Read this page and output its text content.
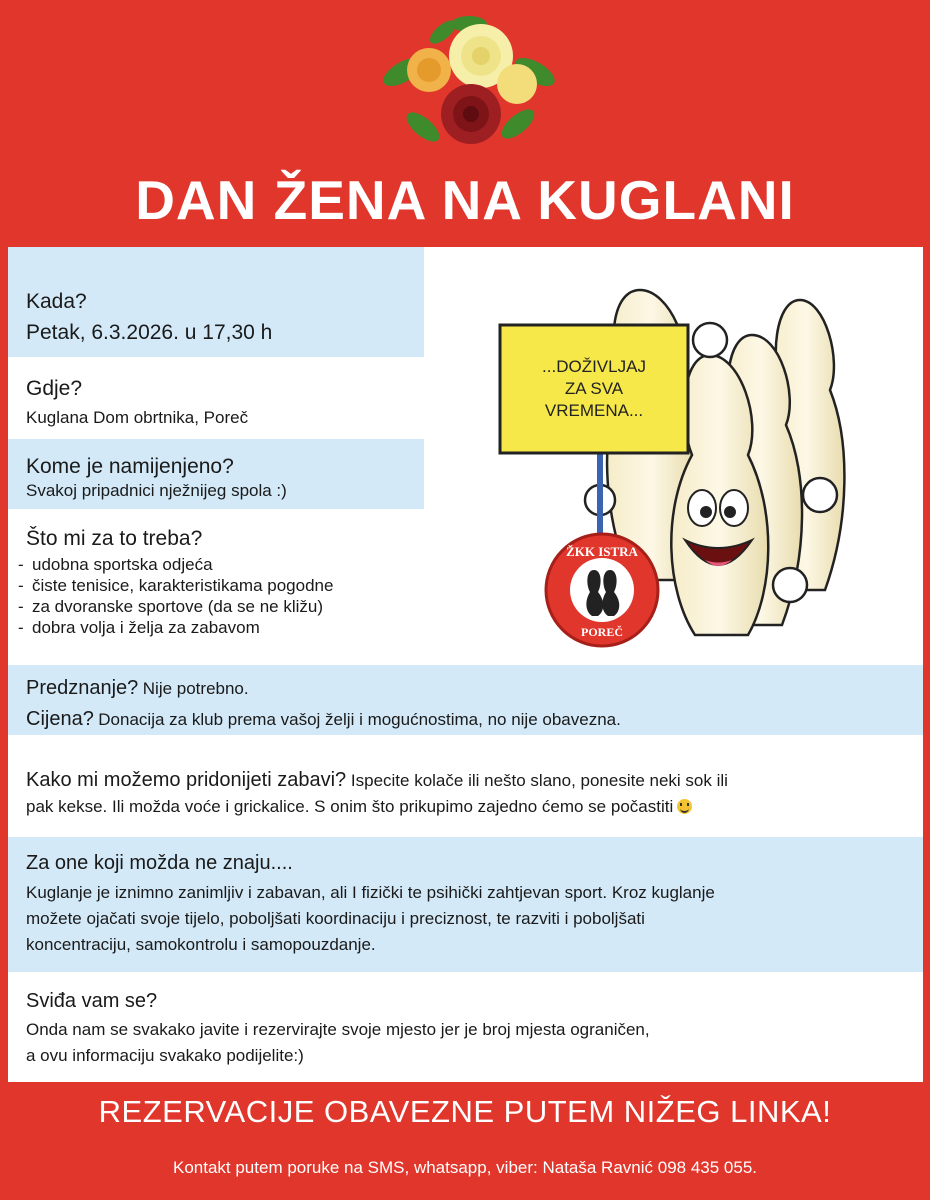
DAN ŽENA NA KUGLANI

Kada?

Petak, 6.3.2026. u 17,30 h

Gdje?

Kuglana Dom obrtnika, Poreč

Kome je namijenjeno?

Svakoj pripadnici nježnijeg spola :)

Što mi za to treba?

- udobna sportska odjeća
- čiste tenisice, karakteristikama pogodne
- za dvoranske sportove (da se ne kližu)
- dobra volja i želja za zabavom
...DOŽIVLJAJ
ZA SVA
VREMENA...
ŽKK ISTRA
POREČ

Predznanje? Nije potrebno.

Cijena? Donacija za klub prema vašoj želji i mogućnostima, no nije obavezna.

Kako mi možemo pridonijeti zabavi? Ispecite kolače ili nešto slano, ponesite neki sok ili
pak kekse. Ili možda voće i grickalice. S onim što prikupimo zajedno ćemo se počastiti

Za one koji možda ne znaju....

Kuglanje je iznimno zanimljiv i zabavan, ali I fizički te psihički zahtjevan sport. Kroz kuglanje
možete ojačati svoje tijelo, poboljšati koordinaciju i preciznost, te razviti i poboljšati
koncentraciju, samokontrolu i samopouzdanje.

Sviđa vam se?

Onda nam se svakako javite i rezervirajte svoje mjesto jer je broj mjesta ograničen,
a ovu informaciju svakako podijelite:)

REZERVACIJE OBAVEZNE PUTEM NIŽEG LINKA!

Kontakt putem poruke na SMS, whatsapp, viber: Nataša Ravnić 098 435 055.
